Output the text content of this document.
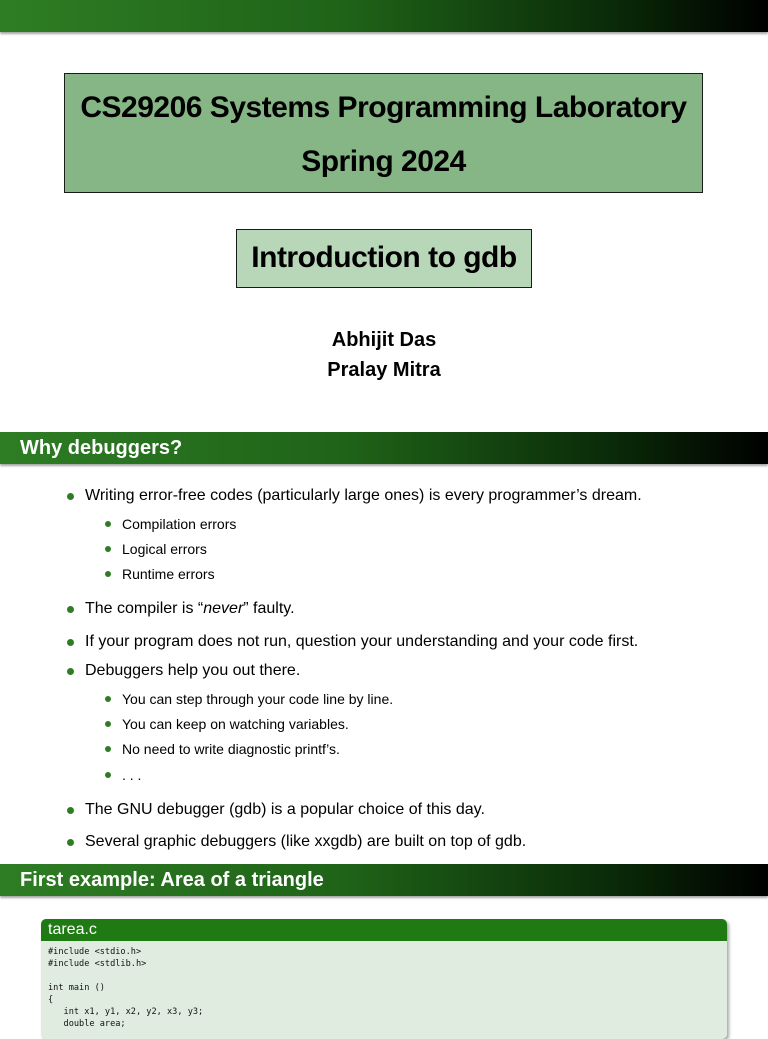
CS29206 Systems Programming Laboratory
Spring 2024
Introduction to gdb
Abhijit Das
Pralay Mitra
Why debuggers?
Writing error-free codes (particularly large ones) is every programmer’s dream.
Compilation errors
Logical errors
Runtime errors
The compiler is “never” faulty.
If your program does not run, question your understanding and your code first.
Debuggers help you out there.
You can step through your code line by line.
You can keep on watching variables.
No need to write diagnostic printf’s.
. . .
The GNU debugger (gdb) is a popular choice of this day.
Several graphic debuggers (like xxgdb) are built on top of gdb.
First example: Area of a triangle
tarea.c
#include <stdio.h>
#include <stdlib.h>

int main ()
{
int x1, y1, x2, y2, x3, y3;
double area;
